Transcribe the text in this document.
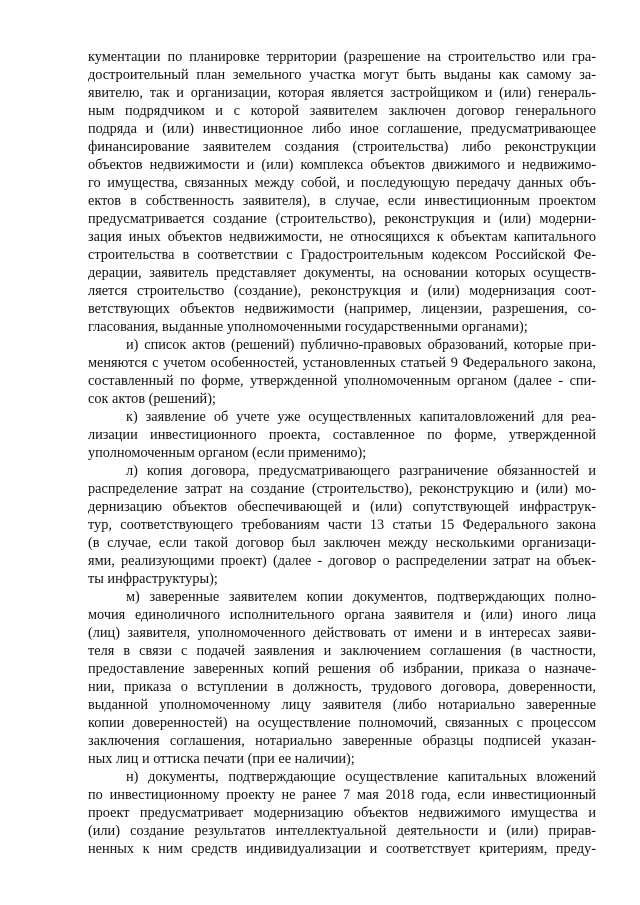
кументации по планировке территории (разрешение на строительство или гра-
достроительный план земельного участка могут быть выданы как самому за-
явителю, так и организации, которая является застройщиком и (или) генераль-
ным подрядчиком и с которой заявителем заключен договор генерального
подряда и (или) инвестиционное либо иное соглашение, предусматривающее
финансирование заявителем создания (строительства) либо реконструкции
объектов недвижимости и (или) комплекса объектов движимого и недвижимо-
го имущества, связанных между собой, и последующую передачу данных объ-
ектов в собственность заявителя), в случае, если инвестиционным проектом
предусматривается создание (строительство), реконструкция и (или) модерни-
зация иных объектов недвижимости, не относящихся к объектам капитального
строительства в соответствии с Градостроительным кодексом Российской Фе-
дерации, заявитель представляет документы, на основании которых осуществ-
ляется строительство (создание), реконструкция и (или) модернизация соот-
ветствующих объектов недвижимости (например, лицензии, разрешения, со-
гласования, выданные уполномоченными государственными органами);
и) список актов (решений) публично-правовых образований, которые при-
меняются с учетом особенностей, установленных статьей 9 Федерального закона,
составленный по форме, утвержденной уполномоченным органом (далее - спи-
сок актов (решений);
к) заявление об учете уже осуществленных капиталовложений для реа-
лизации инвестиционного проекта, составленное по форме, утвержденной
уполномоченным органом (если применимо);
л) копия договора, предусматривающего разграничение обязанностей и
распределение затрат на создание (строительство), реконструкцию и (или) мо-
дернизацию объектов обеспечивающей и (или) сопутствующей инфраструк-
тур, соответствующего требованиям части 13 статьи 15 Федерального закона
(в случае, если такой договор был заключен между несколькими организаци-
ями, реализующими проект) (далее - договор о распределении затрат на объек-
ты инфраструктуры);
м) заверенные заявителем копии документов, подтверждающих полно-
мочия единоличного исполнительного органа заявителя и (или) иного лица
(лиц) заявителя, уполномоченного действовать от имени и в интересах заяви-
теля в связи с подачей заявления и заключением соглашения (в частности,
предоставление заверенных копий решения об избрании, приказа о назначе-
нии, приказа о вступлении в должность, трудового договора, доверенности,
выданной уполномоченному лицу заявителя (либо нотариально заверенные
копии доверенностей) на осуществление полномочий, связанных с процессом
заключения соглашения, нотариально заверенные образцы подписей указан-
ных лиц и оттиска печати (при ее наличии);
н) документы, подтверждающие осуществление капитальных вложений
по инвестиционному проекту не ранее 7 мая 2018 года, если инвестиционный
проект предусматривает модернизацию объектов недвижимого имущества и
(или) создание результатов интеллектуальной деятельности и (или) прирав-
ненных к ним средств индивидуализации и соответствует критериям, преду-
